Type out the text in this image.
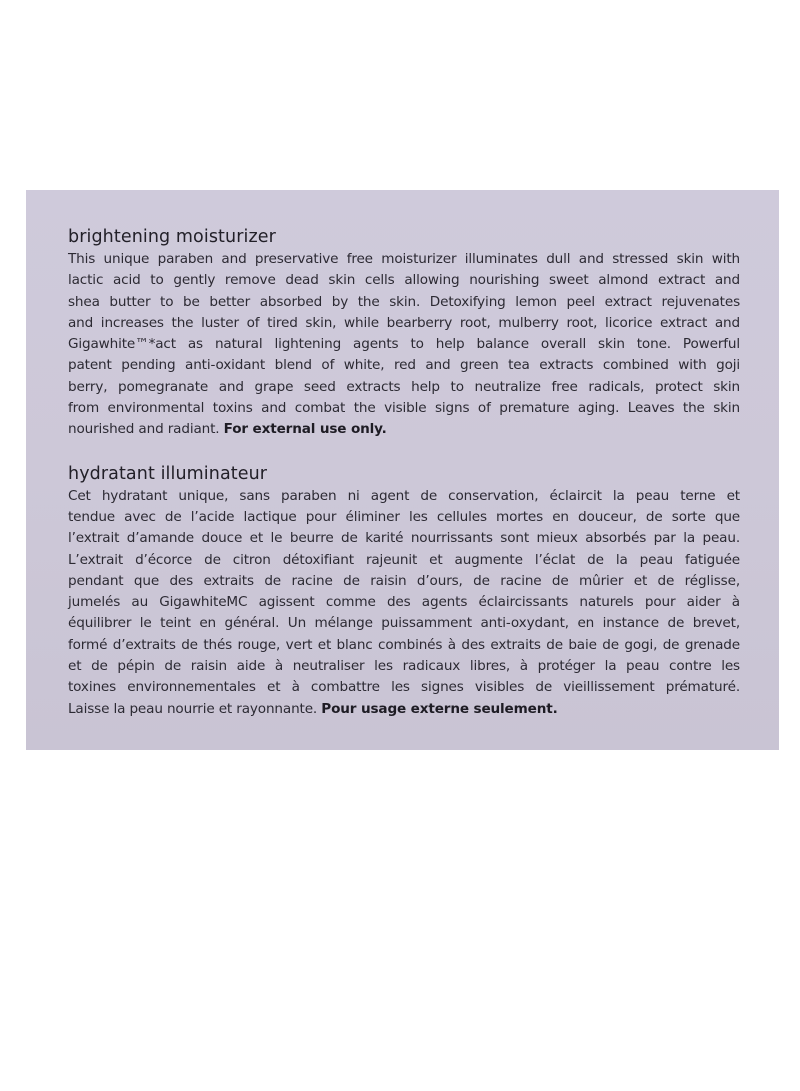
brightening moisturizer
This unique paraben and preservative free moisturizer illuminates dull and stressed skin with
lactic acid to gently remove dead skin cells allowing nourishing sweet almond extract and
shea butter to be better absorbed by the skin. Detoxifying lemon peel extract rejuvenates
and increases the luster of tired skin, while bearberry root, mulberry root, licorice extract and
Gigawhite™*act as natural lightening agents to help balance overall skin tone. Powerful
patent pending anti-oxidant blend of white, red and green tea extracts combined with goji
berry, pomegranate and grape seed extracts help to neutralize free radicals, protect skin
from environmental toxins and combat the visible signs of premature aging. Leaves the skin
nourished and radiant. For external use only.
hydratant illuminateur
Cet hydratant unique, sans paraben ni agent de conservation, éclaircit la peau terne et
tendue avec de l’acide lactique pour éliminer les cellules mortes en douceur, de sorte que
l’extrait d’amande douce et le beurre de karité nourrissants sont mieux absorbés par la peau.
L’extrait d’écorce de citron détoxifiant rajeunit et augmente l’éclat de la peau fatiguée
pendant que des extraits de racine de raisin d’ours, de racine de mûrier et de réglisse,
jumelés au GigawhiteMC agissent comme des agents éclaircissants naturels pour aider à
équilibrer le teint en général. Un mélange puissamment anti-oxydant, en instance de brevet,
formé d’extraits de thés rouge, vert et blanc combinés à des extraits de baie de gogi, de grenade
et de pépin de raisin aide à neutraliser les radicaux libres, à protéger la peau contre les
toxines environnementales et à combattre les signes visibles de vieillissement prématuré.
Laisse la peau nourrie et rayonnante. Pour usage externe seulement.
